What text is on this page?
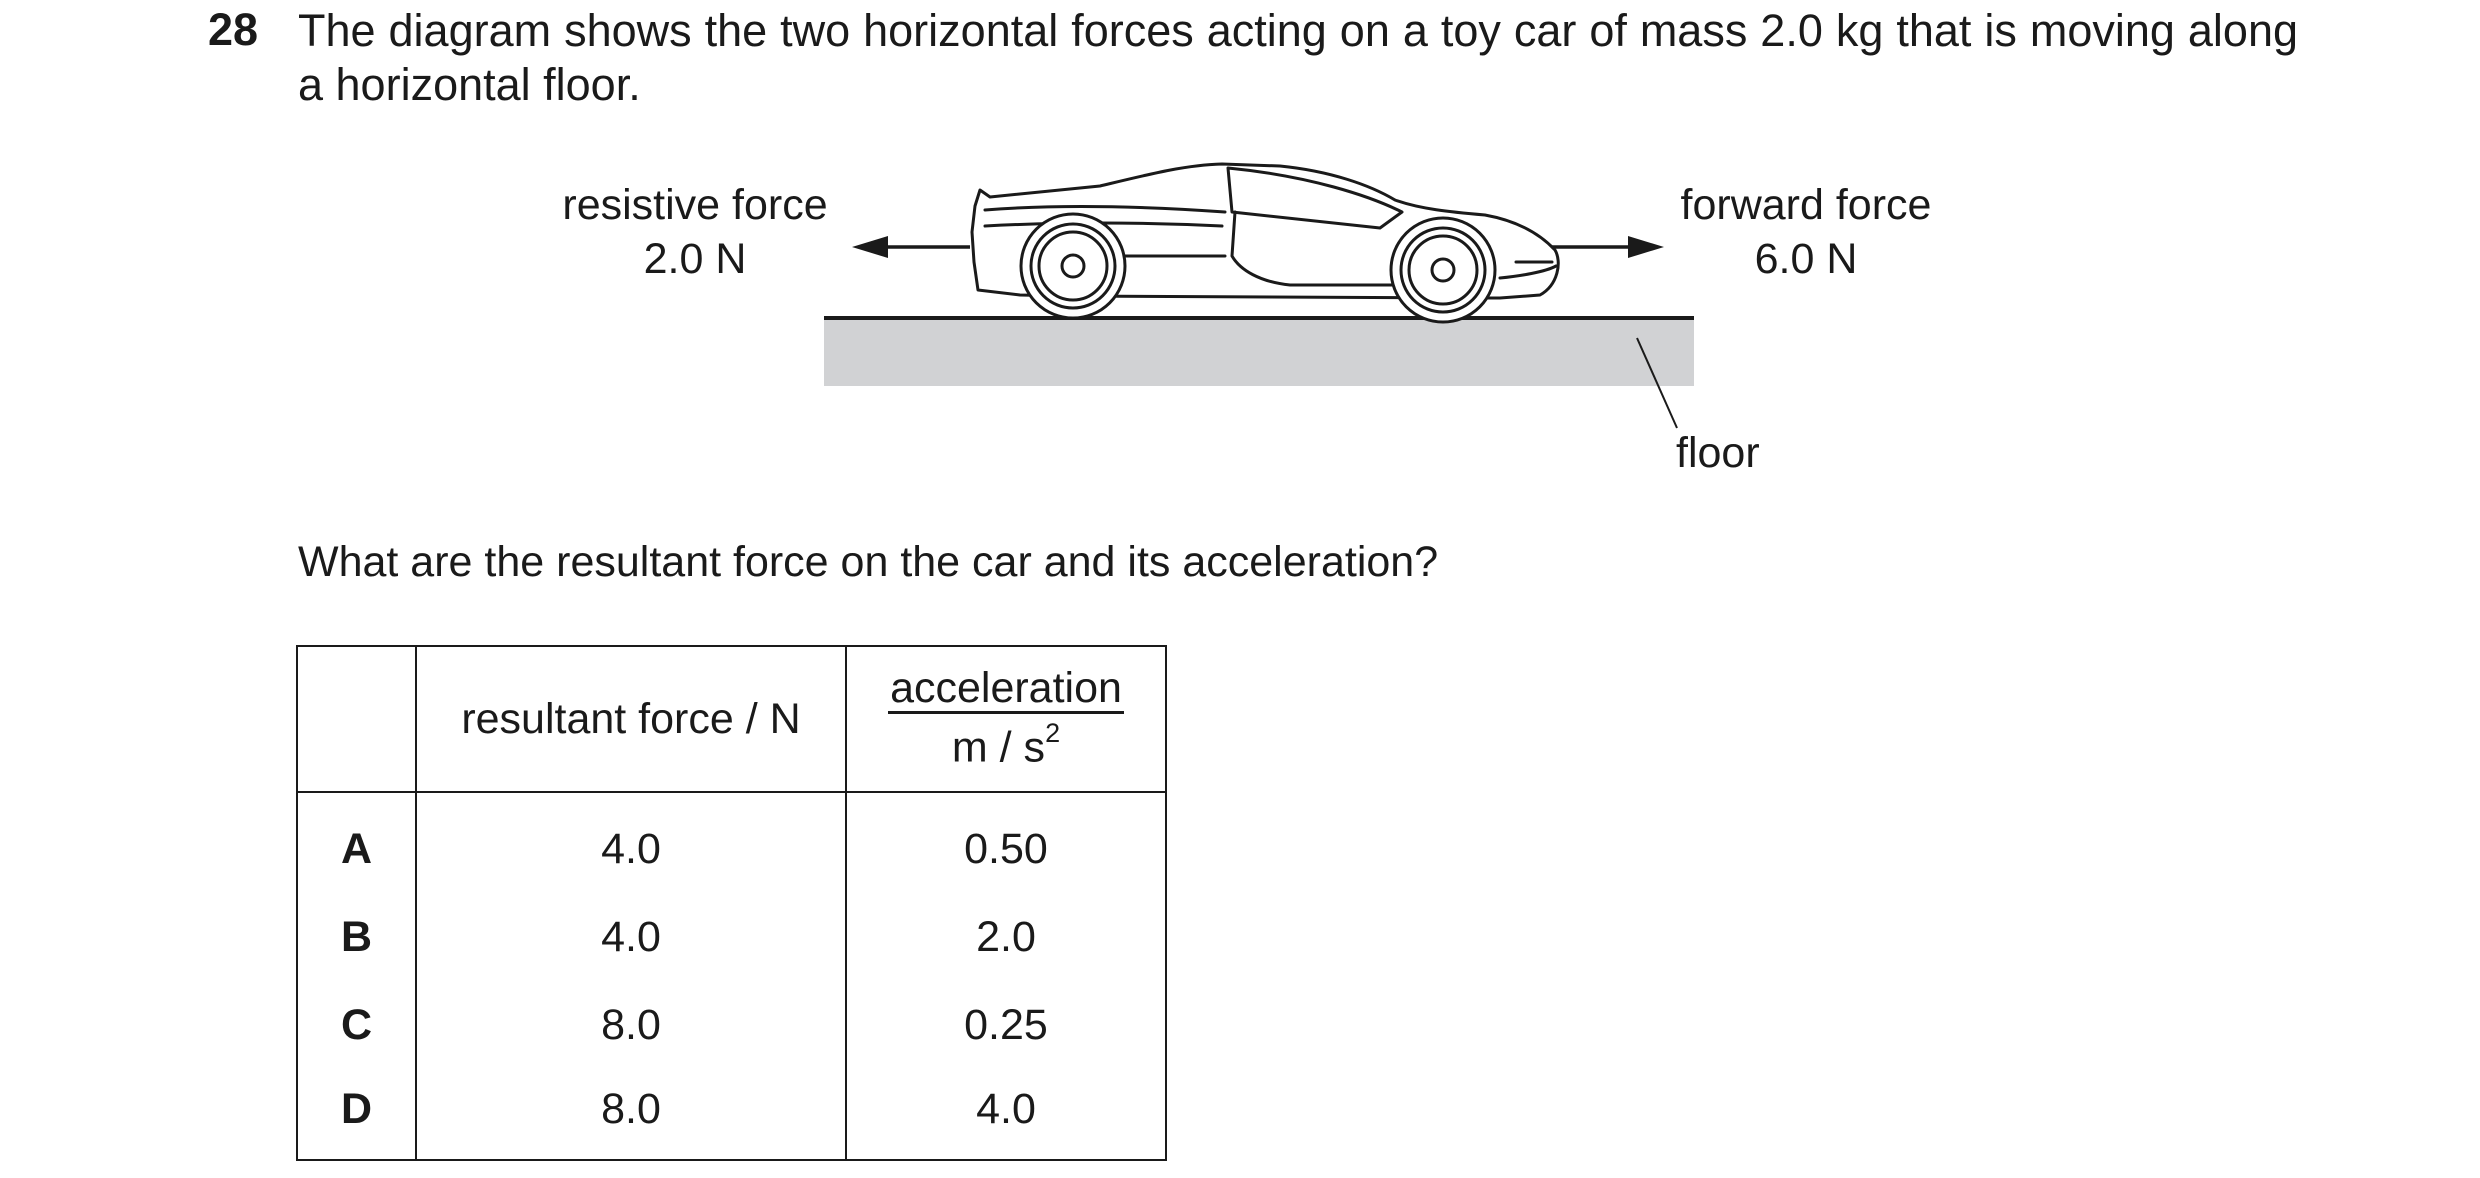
28 The diagram shows the two horizontal forces acting on a toy car of mass 2.0 kg that is moving along a horizontal floor.
resistive force
2.0 N
forward force
6.0 N
floor
What are the resultant force on the car and its acceleration?
	resultant force / N	$\frac{\text{acceleration}}{m / s^2}$

A	4.0	0.50
B	4.0	2.0
C	8.0	0.25
D	8.0	4.0
